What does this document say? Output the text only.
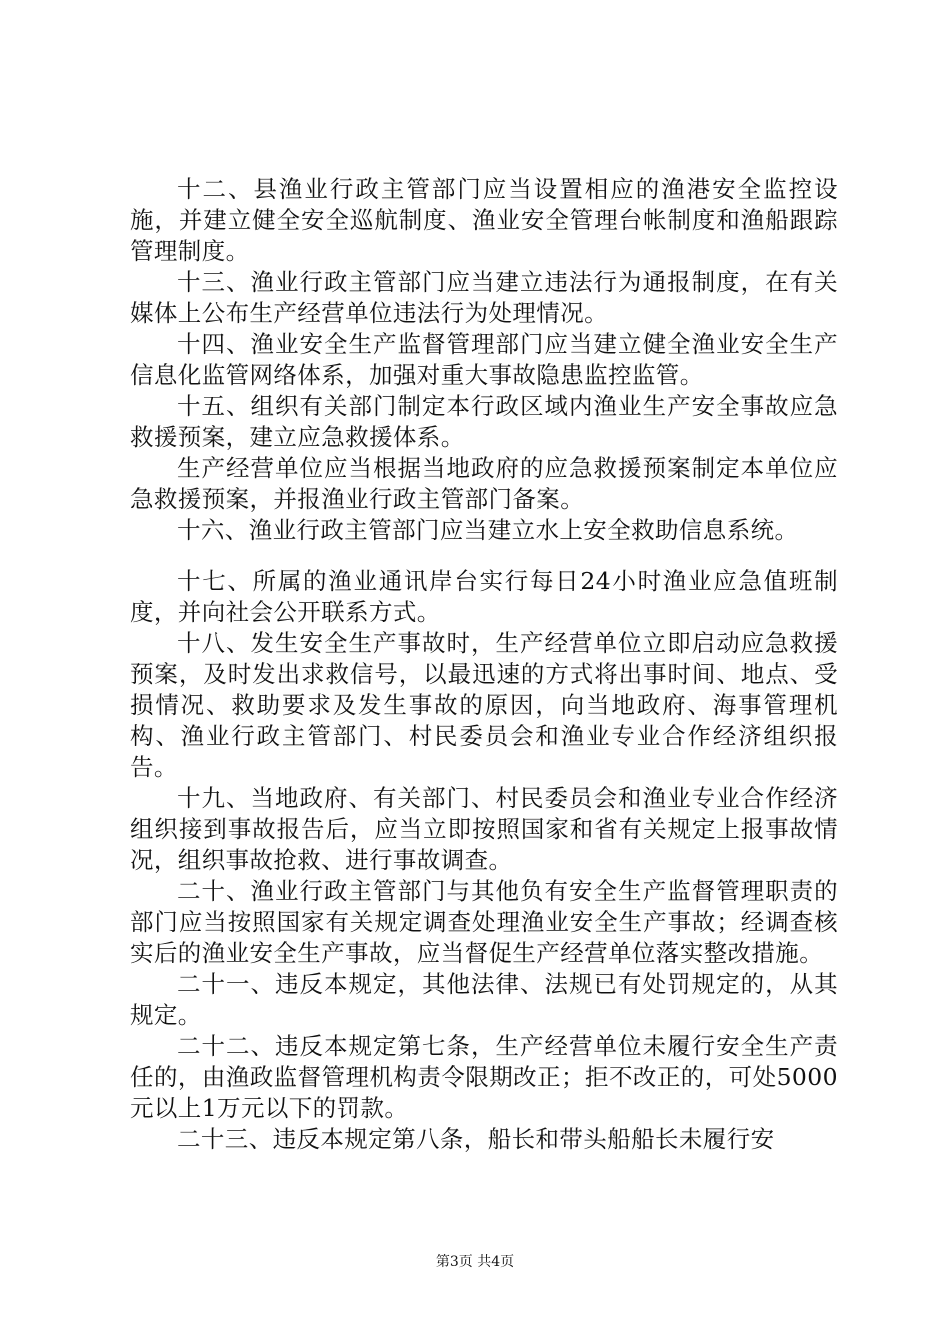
十二、县渔业行政主管部门应当设置相应的渔港安全监控设施，并建立健全安全巡航制度、渔业安全管理台帐制度和渔船跟踪管理制度。

十三、渔业行政主管部门应当建立违法行为通报制度，在有关媒体上公布生产经营单位违法行为处理情况。

十四、渔业安全生产监督管理部门应当建立健全渔业安全生产信息化监管网络体系，加强对重大事故隐患监控监管。

十五、组织有关部门制定本行政区域内渔业生产安全事故应急救援预案，建立应急救援体系。

生产经营单位应当根据当地政府的应急救援预案制定本单位应急救援预案，并报渔业行政主管部门备案。

十六、渔业行政主管部门应当建立水上安全救助信息系统。

十七、所属的渔业通讯岸台实行每日24小时渔业应急值班制度，并向社会公开联系方式。

十八、发生安全生产事故时，生产经营单位立即启动应急救援预案，及时发出求救信号，以最迅速的方式将出事时间、地点、受损情况、救助要求及发生事故的原因，向当地政府、海事管理机构、渔业行政主管部门、村民委员会和渔业专业合作经济组织报告。

十九、当地政府、有关部门、村民委员会和渔业专业合作经济组织接到事故报告后，应当立即按照国家和省有关规定上报事故情况，组织事故抢救、进行事故调查。

二十、渔业行政主管部门与其他负有安全生产监督管理职责的部门应当按照国家有关规定调查处理渔业安全生产事故；经调查核实后的渔业安全生产事故，应当督促生产经营单位落实整改措施。

二十一、违反本规定，其他法律、法规已有处罚规定的，从其规定。

二十二、违反本规定第七条，生产经营单位未履行安全生产责任的，由渔政监督管理机构责令限期改正；拒不改正的，可处5000元以上1万元以下的罚款。

二十三、违反本规定第八条，船长和带头船船长未履行安

第3页 共4页
